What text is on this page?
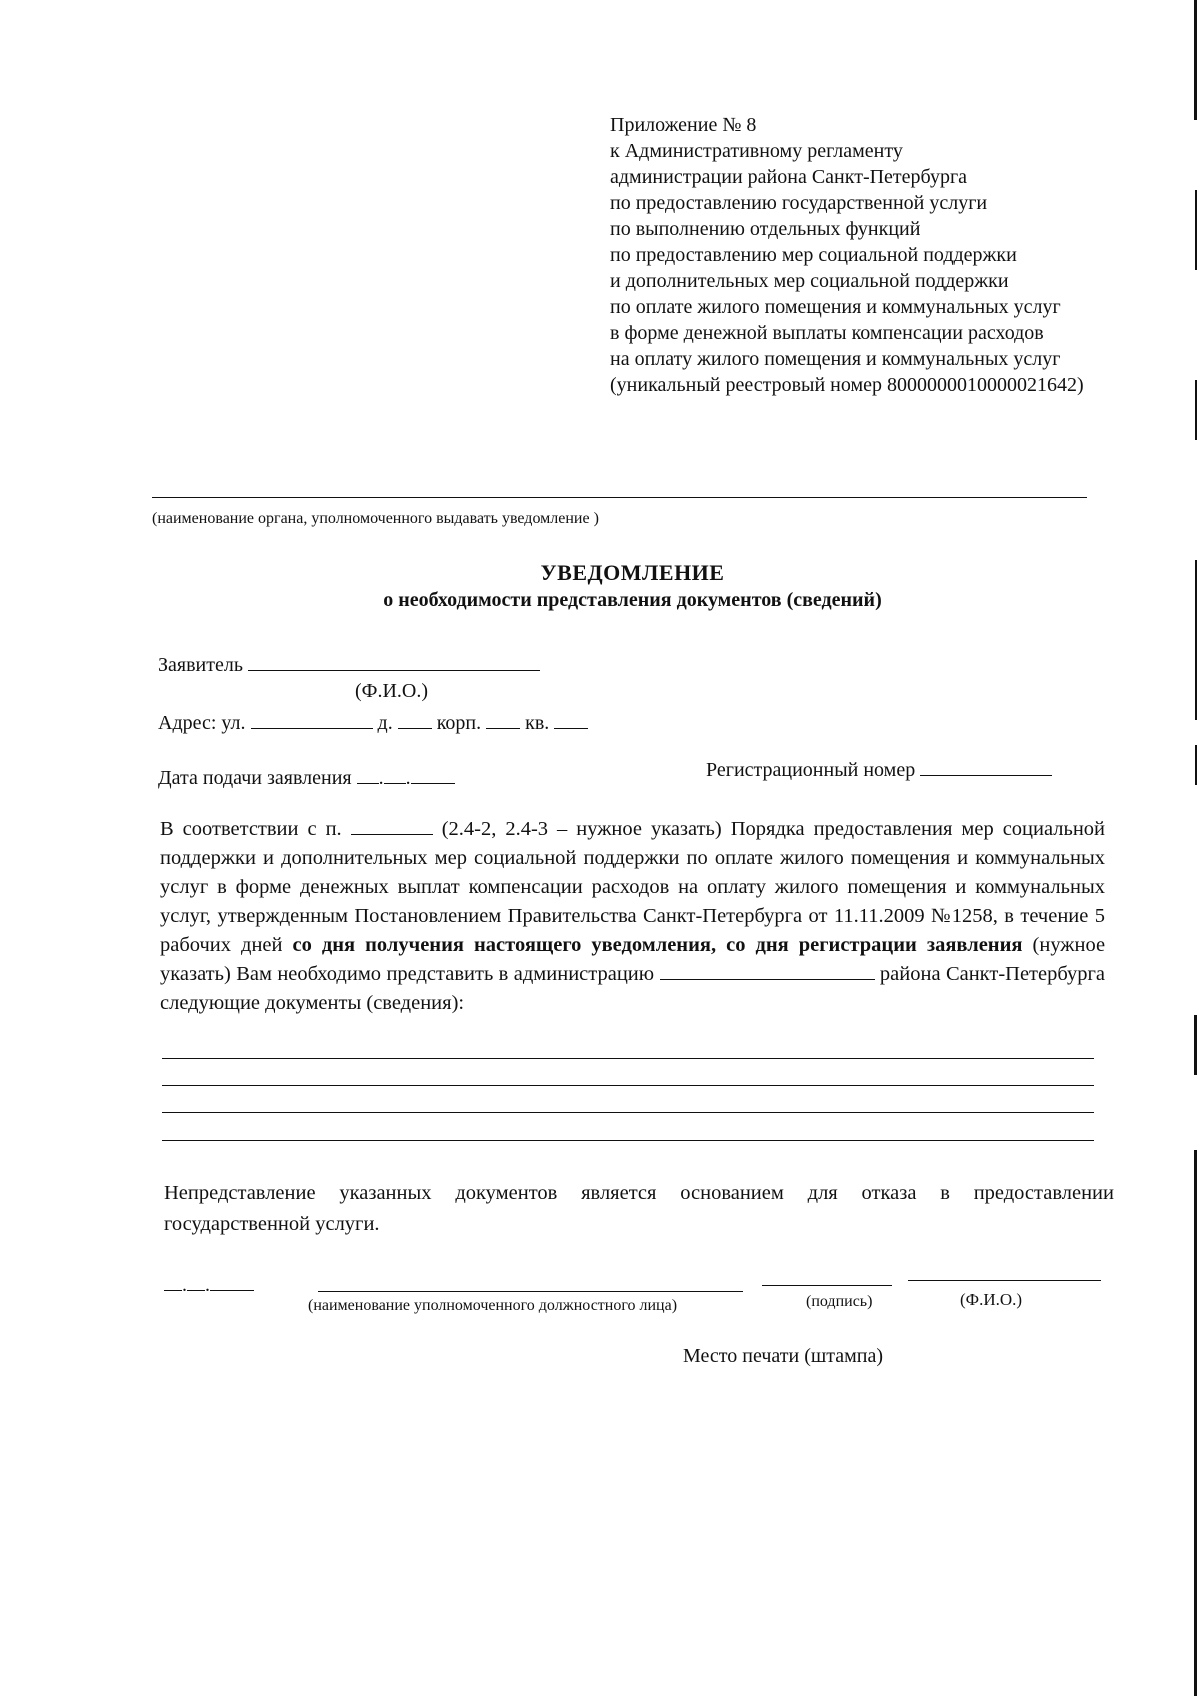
Приложение № 8
к Административному регламенту
администрации района Санкт-Петербурга
по предоставлению государственной услуги
по выполнению отдельных функций
по предоставлению мер социальной поддержки
и дополнительных мер социальной поддержки
по оплате жилого помещения и коммунальных услуг
в форме денежной выплаты компенсации расходов
на оплату жилого помещения и коммунальных услуг
(уникальный реестровый номер 8000000010000021642)
(наименование органа, уполномоченного выдавать уведомление )
УВЕДОМЛЕНИЕ
о необходимости представления документов (сведений)
Заявитель
(Ф.И.О.)
Адрес: ул.	д. корп. кв.
Дата подачи заявления . .	Регистрационный номер
В соответствии с п.	(2.4-2, 2.4-3 – нужное указать) Порядка предоставления мер социальной поддержки и дополнительных мер социальной поддержки по оплате жилого помещения и коммунальных услуг в форме денежных выплат компенсации расходов на оплату жилого помещения и коммунальных услуг, утвержденным Постановлением Правительства Санкт-Петербурга от 11.11.2009 №1258, в течение 5 рабочих дней со дня получения настоящего уведомления, со дня регистрации заявления (нужное указать) Вам необходимо представить в администрацию	района Санкт-Петербурга следующие документы (сведения):
Непредставление указанных документов является основанием для отказа в предоставлении государственной услуги.
. .
(наименование уполномоченного должностного лица)	(подпись)	(Ф.И.О.)
Место печати (штампа)
